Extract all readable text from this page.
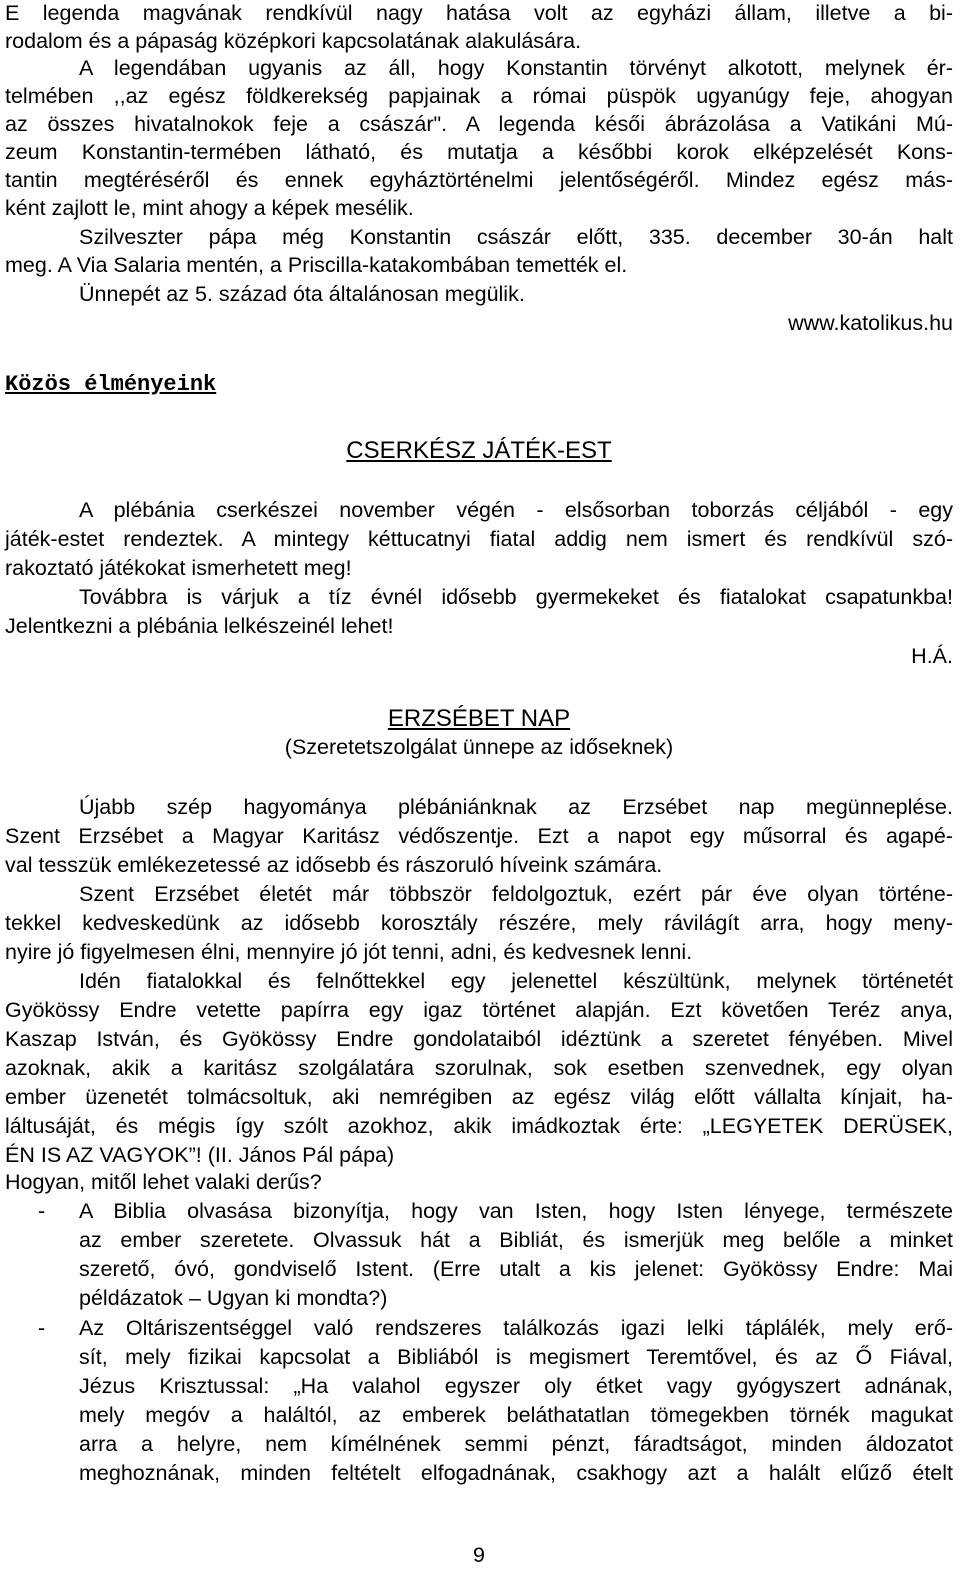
E legenda magvának rendkívül nagy hatása volt az egyházi állam, illetve a bi-
rodalom és a pápaság középkori kapcsolatának alakulására.
A legendában ugyanis az áll, hogy Konstantin törvényt alkotott, melynek ér-
telmében ,,az egész földkerekség papjainak a római püspök ugyanúgy feje, ahogyan
az összes hivatalnokok feje a császár". A legenda késői ábrázolása a Vatikáni Mú-
zeum Konstantin-termében látható, és mutatja a későbbi korok elképzelését Kons-
tantin megtéréséről és ennek egyháztörténelmi jelentőségéről. Mindez egész más-
ként zajlott le, mint ahogy a képek mesélik.
Szilveszter pápa még Konstantin császár előtt, 335. december 30-án halt
meg. A Via Salaria mentén, a Priscilla-katakombában temették el.
Ünnepét az 5. század óta általánosan megülik.
www.katolikus.hu
Közös élményeink
CSERKÉSZ JÁTÉK-EST
A plébánia cserkészei november végén - elsősorban toborzás céljából - egy
játék-estet rendeztek. A mintegy kéttucatnyi fiatal addig nem ismert és rendkívül szó-
rakoztató játékokat ismerhetett meg!
Továbbra is várjuk a tíz évnél idősebb gyermekeket és fiatalokat csapatunkba!
Jelentkezni a plébánia lelkészeinél lehet!
H.Á.
ERZSÉBET NAP
(Szeretetszolgálat ünnepe az időseknek)
Újabb szép hagyománya plébániánknak az Erzsébet nap megünneplése.
Szent Erzsébet a Magyar Karitász védőszentje. Ezt a napot egy műsorral és agapé-
val tesszük emlékezetessé az idősebb és rászoruló híveink számára.
Szent Erzsébet életét már többször feldolgoztuk, ezért pár éve olyan történe-
tekkel kedveskedünk az idősebb korosztály részére, mely rávilágít arra, hogy meny-
nyire jó figyelmesen élni, mennyire jó jót tenni, adni, és kedvesnek lenni.
Idén fiatalokkal és felnőttekkel egy jelenettel készültünk, melynek történetét
Gyökössy Endre vetette papírra egy igaz történet alapján. Ezt követően Teréz anya,
Kaszap István, és Gyökössy Endre gondolataiból idéztünk a szeretet fényében. Mivel
azoknak, akik a karitász szolgálatára szorulnak, sok esetben szenvednek, egy olyan
ember üzenetét tolmácsoltuk, aki nemrégiben az egész világ előtt vállalta kínjait, ha-
láltusáját, és mégis így szólt azokhoz, akik imádkoztak érte: „LEGYETEK DERÜSEK,
ÉN IS AZ VAGYOK”! (II. János Pál pápa)
Hogyan, mitől lehet valaki derűs?
-	A Biblia olvasása bizonyítja, hogy van Isten, hogy Isten lényege, természete
az ember szeretete. Olvassuk hát a Bibliát, és ismerjük meg belőle a minket
szerető, óvó, gondviselő Istent. (Erre utalt a kis jelenet: Gyökössy Endre: Mai
példázatok – Ugyan ki mondta?)
-	Az Oltáriszentséggel való rendszeres találkozás igazi lelki táplálék, mely erő-
sít, mely fizikai kapcsolat a Bibliából is megismert Teremtővel, és az Ő Fiával,
Jézus Krisztussal: „Ha valahol egyszer oly étket vagy gyógyszert adnának,
mely megóv a haláltól, az emberek beláthatatlan tömegekben törnék magukat
arra a helyre, nem kímélnének semmi pénzt, fáradtságot, minden áldozatot
meghoznának, minden feltételt elfogadnának, csakhogy azt a halált elűző ételt
9
